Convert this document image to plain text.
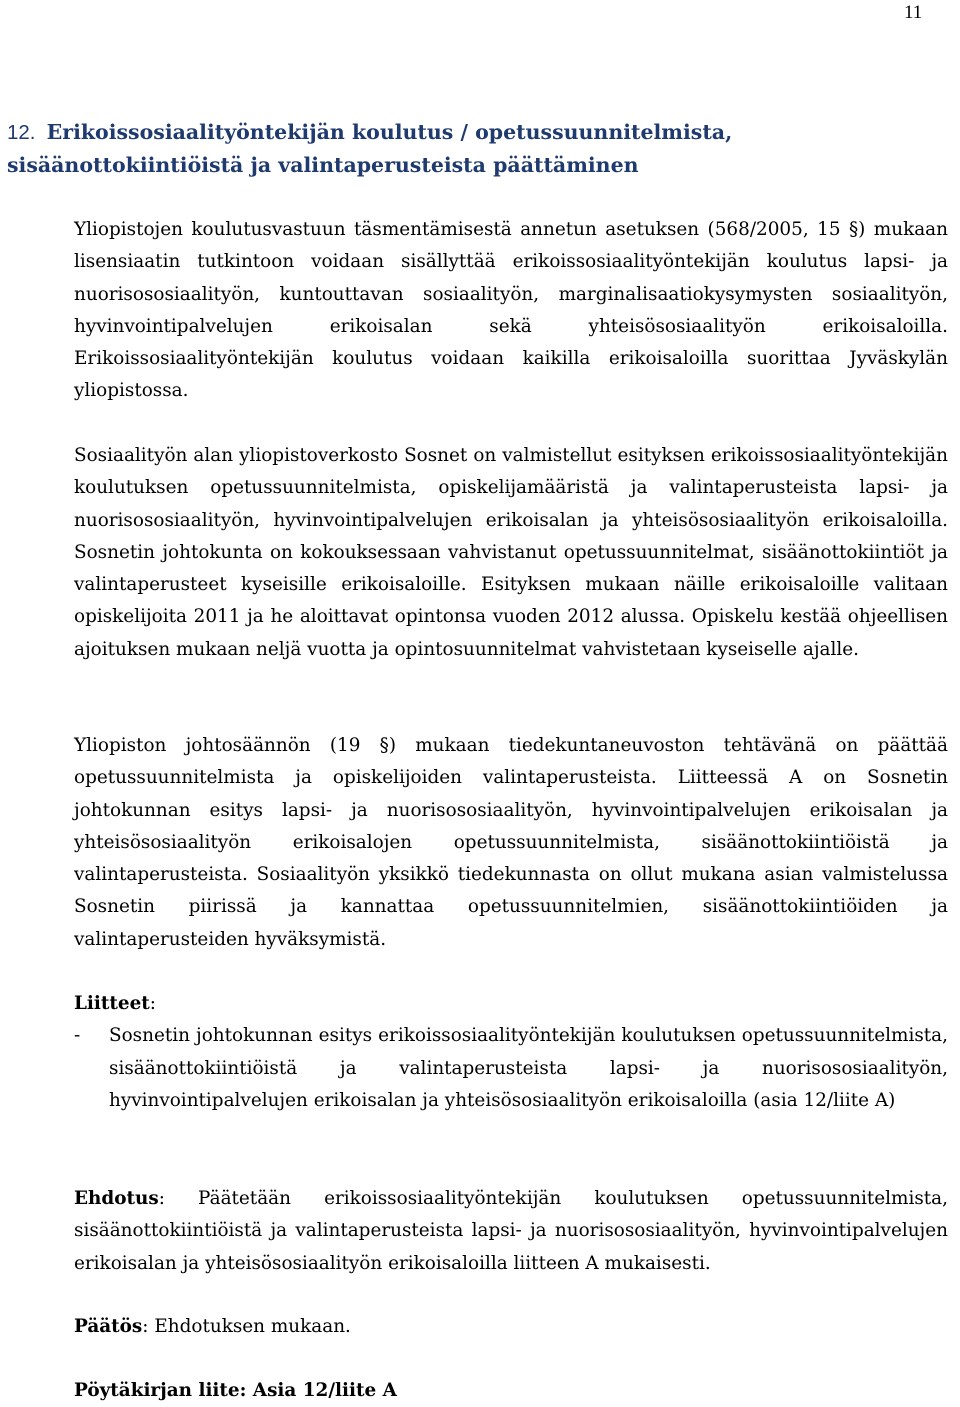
11
12. Erikoissosiaalityöntekijän koulutus / opetussuunnitelmista, sisäänottokiintiöistä ja valintaperusteista päättäminen

Yliopistojen koulutusvastuun täsmentämisestä annetun asetuksen (568/2005, 15 §) mukaan lisensiaatin tutkintoon voidaan sisällyttää erikoissosiaalityöntekijän koulutus lapsi- ja nuorisososiaalityön, kuntouttavan sosiaalityön, marginalisaatiokysymysten sosiaalityön, hyvinvointipalvelujen erikoisalan sekä yhteisösosiaalityön erikoisaloilla. Erikoissosiaalityöntekijän koulutus voidaan kaikilla erikoisaloilla suorittaa Jyväskylän yliopistossa.

Sosiaalityön alan yliopistoverkosto Sosnet on valmistellut esityksen erikoissosiaalityöntekijän koulutuksen opetussuunnitelmista, opiskelijamääristä ja valintaperusteista lapsi- ja nuorisososiaalityön, hyvinvointipalvelujen erikoisalan ja yhteisösosiaalityön erikoisaloilla. Sosnetin johtokunta on kokouksessaan vahvistanut opetussuunnitelmat, sisäänottokiintiöt ja valintaperusteet kyseisille erikoisaloille. Esityksen mukaan näille erikoisaloille valitaan opiskelijoita 2011 ja he aloittavat opintonsa vuoden 2012 alussa. Opiskelu kestää ohjeellisen ajoituksen mukaan neljä vuotta ja opintosuunnitelmat vahvistetaan kyseiselle ajalle.

Yliopiston johtosäännön (19 §) mukaan tiedekuntaneuvoston tehtävänä on päättää opetussuunnitelmista ja opiskelijoiden valintaperusteista. Liitteessä A on Sosnetin johtokunnan esitys lapsi- ja nuorisososiaalityön, hyvinvointipalvelujen erikoisalan ja yhteisösosiaalityön erikoisalojen opetussuunnitelmista, sisäänottokiintiöistä ja valintaperusteista. Sosiaalityön yksikkö tiedekunnasta on ollut mukana asian valmistelussa Sosnetin piirissä ja kannattaa opetussuunnitelmien, sisäänottokiintiöiden ja valintaperusteiden hyväksymistä.

Liitteet:

- Sosnetin johtokunnan esitys erikoissosiaalityöntekijän koulutuksen opetussuunnitelmista, sisäänottokiintiöistä ja valintaperusteista lapsi- ja nuorisososiaalityön, hyvinvointipalvelujen erikoisalan ja yhteisösosiaalityön erikoisaloilla (asia 12/liite A)

Ehdotus: Päätetään erikoissosiaalityöntekijän koulutuksen opetussuunnitelmista, sisäänottokiintiöistä ja valintaperusteista lapsi- ja nuorisososiaalityön, hyvinvointipalvelujen erikoisalan ja yhteisösosiaalityön erikoisaloilla liitteen A mukaisesti.

Päätös: Ehdotuksen mukaan.

Pöytäkirjan liite: Asia 12/liite A
